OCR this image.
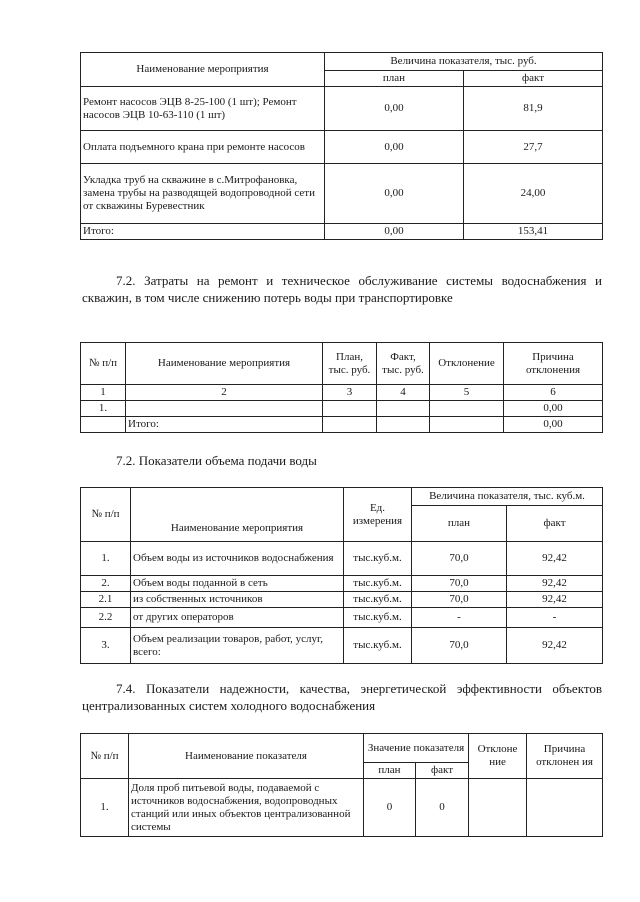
Наименование мероприятия	Величина показателя, тыс. руб.	
	план	факт
Ремонт насосов ЭЦВ 8-25-100 (1 шт); Ремонт насосов ЭЦВ 10-63-110 (1 шт)	0,00	81,9
Оплата подъемного крана при ремонте насосов	0,00	27,7
Укладка труб на скважине в с.Митрофановка, замена трубы на разводящей водопроводной сети от скважины Буревестник	0,00	24,00
Итого:	0,00	153,41
7.2. Затраты на ремонт и техническое обслуживание системы водоснабжения и скважин, в том числе снижению потерь воды при транспортировке
№ п/п	Наименование мероприятия	План, тыс. руб.	Факт, тыс. руб.	Отклонение	Причина отклонения
1	2	3	4	5	6
1.					0,00
	Итого:				0,00
7.2. Показатели объема подачи воды
№ п/п	Наименование мероприятия	Ед. измерения	Величина показателя, тыс. куб.м.	
			план	факт
1.	Объем воды из источников водоснабжения	тыс.куб.м.	70,0	92,42
2.	Объем воды поданной в сеть	тыс.куб.м.	70,0	92,42
2.1	из собственных источников	тыс.куб.м.	70,0	92,42
2.2	от других операторов	тыс.куб.м.	-	-
3.	Объем реализации товаров, работ, услуг, всего:	тыс.куб.м.	70,0	92,42
7.4. Показатели надежности, качества, энергетической эффективности объектов централизованных систем холодного водоснабжения
№ п/п	Наименование показателя	Значение показателя		Отклоне ние	Причина отклонен ия
		план	факт		
1.	Доля проб питьевой воды, подаваемой с источников водоснабжения, водопроводных станций или иных объектов централизованной системы	0	0		
